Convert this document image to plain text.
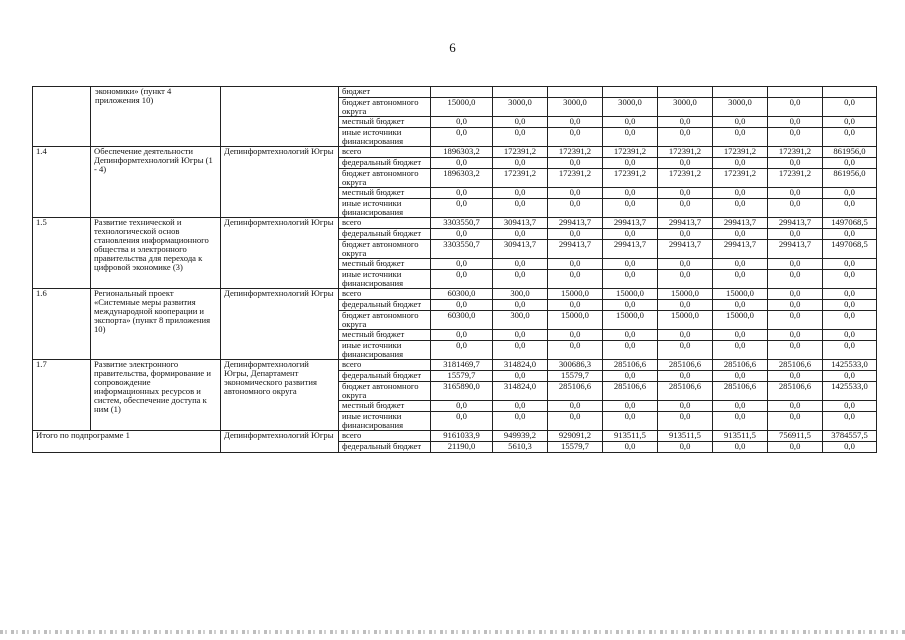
6
	экономики» (пункт 4 приложения 10)		бюджет								
			бюджет автономного округа	15000,0	3000,0	3000,0	3000,0	3000,0	3000,0	0,0	0,0
			местный бюджет	0,0	0,0	0,0	0,0	0,0	0,0	0,0	0,0
			иные источники финансирования	0,0	0,0	0,0	0,0	0,0	0,0	0,0	0,0
1.4	Обеспечение деятельности Депинформтехнологий Югры (1 - 4)	Депинформтехнологий Югры	всего	1896303,2	172391,2	172391,2	172391,2	172391,2	172391,2	172391,2	861956,0
			федеральный бюджет	0,0	0,0	0,0	0,0	0,0	0,0	0,0	0,0
			бюджет автономного округа	1896303,2	172391,2	172391,2	172391,2	172391,2	172391,2	172391,2	861956,0
			местный бюджет	0,0	0,0	0,0	0,0	0,0	0,0	0,0	0,0
			иные источники финансирования	0,0	0,0	0,0	0,0	0,0	0,0	0,0	0,0
1.5	Развитие технической и технологической основ становления информационного общества и электронного правительства для перехода к цифровой экономике (3)	Депинформтехнологий Югры	всего	3303550,7	309413,7	299413,7	299413,7	299413,7	299413,7	299413,7	1497068,5
			федеральный бюджет	0,0	0,0	0,0	0,0	0,0	0,0	0,0	0,0
			бюджет автономного округа	3303550,7	309413,7	299413,7	299413,7	299413,7	299413,7	299413,7	1497068,5
			местный бюджет	0,0	0,0	0,0	0,0	0,0	0,0	0,0	0,0
			иные источники финансирования	0,0	0,0	0,0	0,0	0,0	0,0	0,0	0,0
1.6	Региональный проект «Системные меры развития международной кооперации и экспорта» (пункт 8 приложения 10)	Депинформтехнологий Югры	всего	60300,0	300,0	15000,0	15000,0	15000,0	15000,0	0,0	0,0
			федеральный бюджет	0,0	0,0	0,0	0,0	0,0	0,0	0,0	0,0
			бюджет автономного округа	60300,0	300,0	15000,0	15000,0	15000,0	15000,0	0,0	0,0
			местный бюджет	0,0	0,0	0,0	0,0	0,0	0,0	0,0	0,0
			иные источники финансирования	0,0	0,0	0,0	0,0	0,0	0,0	0,0	0,0
1.7	Развитие электронного правительства, формирование и сопровождение информационных ресурсов и систем, обеспечение доступа к ним (1)	Депинформтехнологий Югры, Департамент экономического развития автономного округа	всего	3181469,7	314824,0	300686,3	285106,6	285106,6	285106,6	285106,6	1425533,0
			федеральный бюджет	15579,7	0,0	15579,7	0,0	0,0	0,0	0,0	0,0
			бюджет автономного округа	3165890,0	314824,0	285106,6	285106,6	285106,6	285106,6	285106,6	1425533,0
			местный бюджет	0,0	0,0	0,0	0,0	0,0	0,0	0,0	0,0
			иные источники финансирования	0,0	0,0	0,0	0,0	0,0	0,0	0,0	0,0
Итого по подпрограмме 1		Депинформтехнологий Югры	всего	9161033,9	949939,2	929091,2	913511,5	913511,5	913511,5	756911,5	3784557,5
			федеральный бюджет	21190,0	5610,3	15579,7	0,0	0,0	0,0	0,0	0,0
